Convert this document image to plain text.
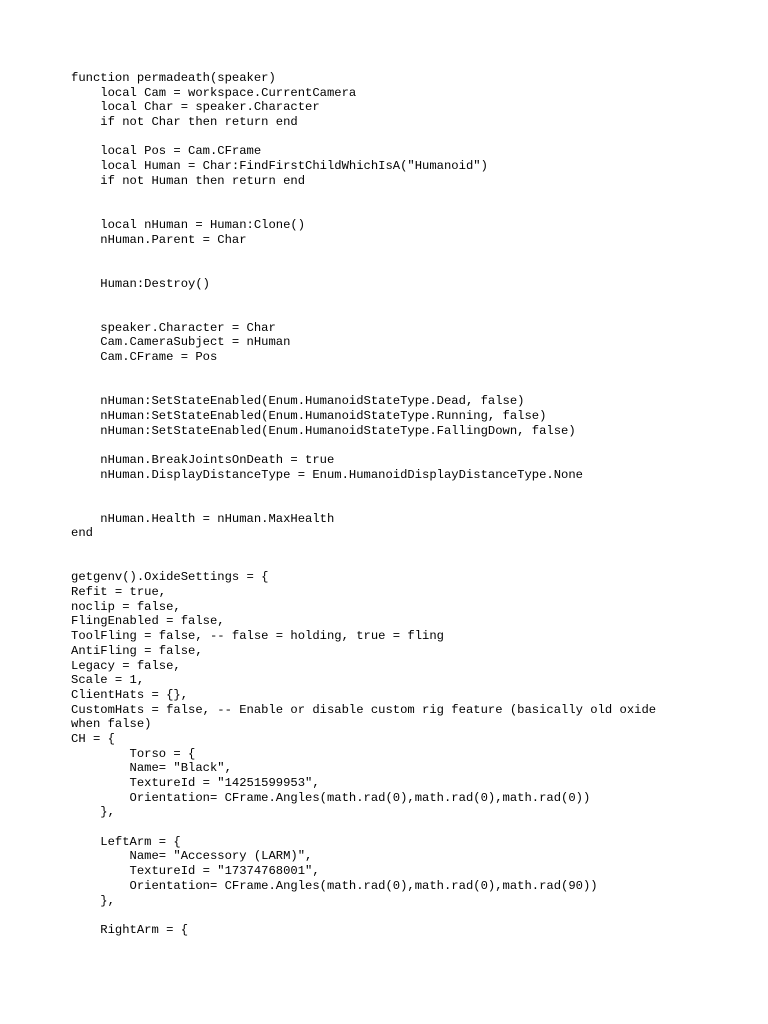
function permadeath(speaker)
local Cam = workspace.CurrentCamera
local Char = speaker.Character
if not Char then return end
local Pos = Cam.CFrame
local Human = Char:FindFirstChildWhichIsA("Humanoid")
if not Human then return end
local nHuman = Human:Clone()
nHuman.Parent = Char
Human:Destroy()
speaker.Character = Char
Cam.CameraSubject = nHuman
Cam.CFrame = Pos
nHuman:SetStateEnabled(Enum.HumanoidStateType.Dead, false)
nHuman:SetStateEnabled(Enum.HumanoidStateType.Running, false)
nHuman:SetStateEnabled(Enum.HumanoidStateType.FallingDown, false)
nHuman.BreakJointsOnDeath = true
nHuman.DisplayDistanceType = Enum.HumanoidDisplayDistanceType.None
nHuman.Health = nHuman.MaxHealth
end
getgenv().OxideSettings = {
Refit = true,
noclip = false,
FlingEnabled = false,
ToolFling = false, -- false = holding, true = fling
AntiFling = false,
Legacy = false,
Scale = 1,
ClientHats = {},
CustomHats = false, -- Enable or disable custom rig feature (basically old oxide
when false)
CH = {
Torso = {
Name= "Black",
TextureId = "14251599953",
Orientation= CFrame.Angles(math.rad(0),math.rad(0),math.rad(0))
},
LeftArm = {
Name= "Accessory (LARM)",
TextureId = "17374768001",
Orientation= CFrame.Angles(math.rad(0),math.rad(0),math.rad(90))
},
RightArm = {
